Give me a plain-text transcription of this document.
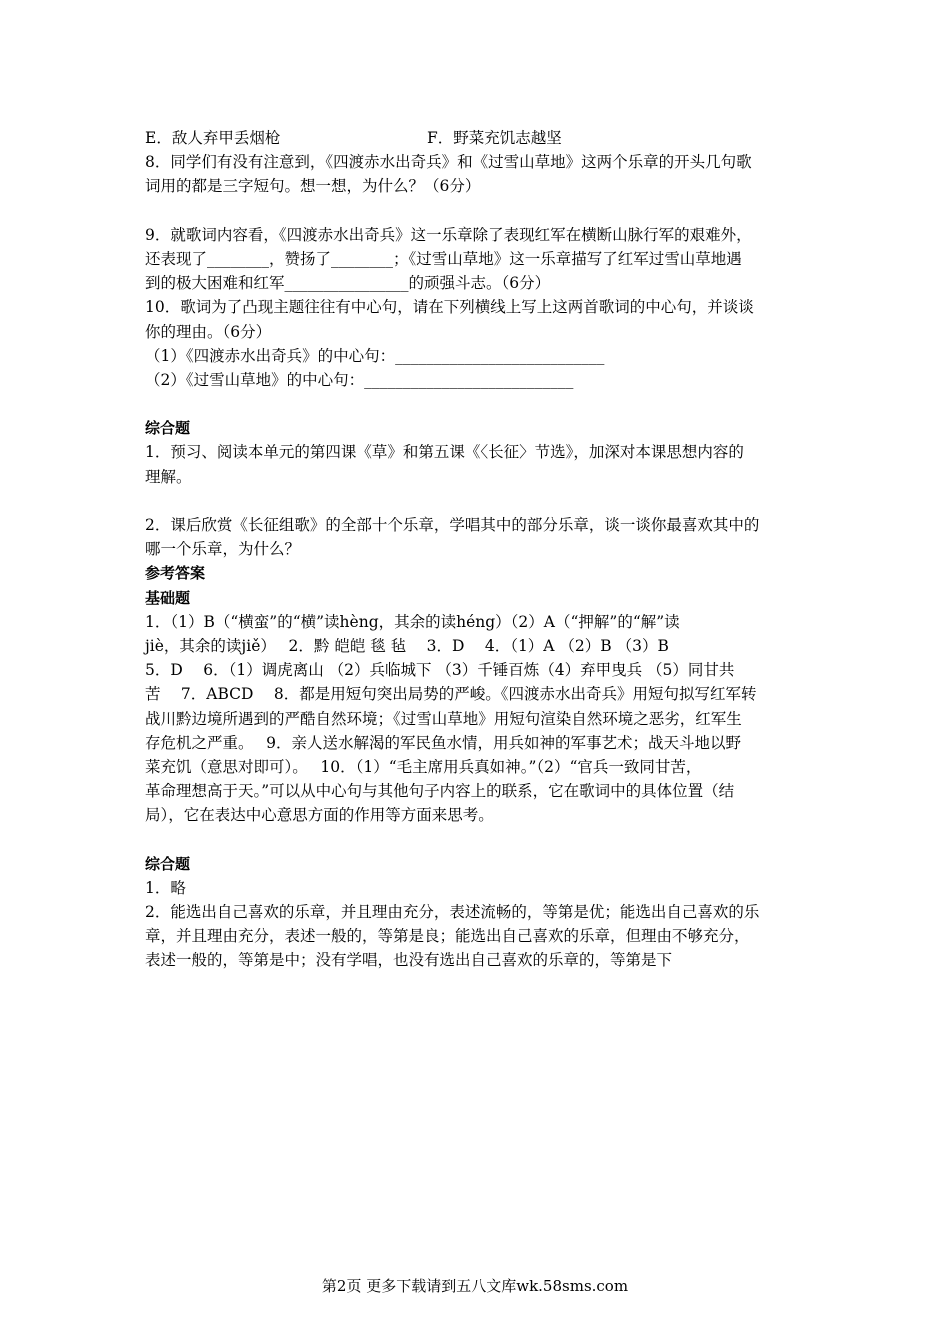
E．敌人弃甲丢烟枪	F．野菜充饥志越坚
8．同学们有没有注意到，《四渡赤水出奇兵》和《过雪山草地》这两个乐章的开头几句歌
词用的都是三字短句。想一想，为什么？（6分）
9．就歌词内容看，《四渡赤水出奇兵》这一乐章除了表现红军在横断山脉行军的艰难外，
还表现了________，赞扬了________；《过雪山草地》这一乐章描写了红军过雪山草地遇
到的极大困难和红军________________的顽强斗志。（6分）
10．歌词为了凸现主题往往有中心句，请在下列横线上写上这两首歌词的中心句，并谈谈
你的理由。（6分）
（1）《四渡赤水出奇兵》的中心句：___________________________
（2）《过雪山草地》的中心句：___________________________
综合题
1．预习、阅读本单元的第四课《草》和第五课《〈长征〉节选》，加深对本课思想内容的
理解。
2．课后欣赏《长征组歌》的全部十个乐章，学唱其中的部分乐章，谈一谈你最喜欢其中的
哪一个乐章，为什么？
参考答案
基础题
1．（1）B（“横蛮”的“横”读hèng，其余的读héng）（2）A（“押解”的“解”读
jiè，其余的读jiě）　 2．黔 皑皑 毯 毡　 3．D　 4．（1）A （2）B （3）B
5．D　 6．（1）调虎离山 （2）兵临城下 （3）千锤百炼（4）弃甲曳兵 （5）同甘共
苦　 7．ABCD　 8．都是用短句突出局势的严峻。《四渡赤水出奇兵》用短句拟写红军转
战川黔边境所遇到的严酷自然环境；《过雪山草地》用短句渲染自然环境之恶劣，红军生
存危机之严重。　 9．亲人送水解渴的军民鱼水情，用兵如神的军事艺术；战天斗地以野
菜充饥（意思对即可）。　 10．（1）“毛主席用兵真如神。”（2）“官兵一致同甘苦，
革命理想高于天。”可以从中心句与其他句子内容上的联系，它在歌词中的具体位置（结
局），它在表达中心意思方面的作用等方面来思考。
综合题
1．略
2．能选出自己喜欢的乐章，并且理由充分，表述流畅的，等第是优；能选出自己喜欢的乐
章，并且理由充分，表述一般的，等第是良；能选出自己喜欢的乐章，但理由不够充分，
表述一般的，等第是中；没有学唱，也没有选出自己喜欢的乐章的，等第是下
第2页 更多下载请到五八文库wk.58sms.com
